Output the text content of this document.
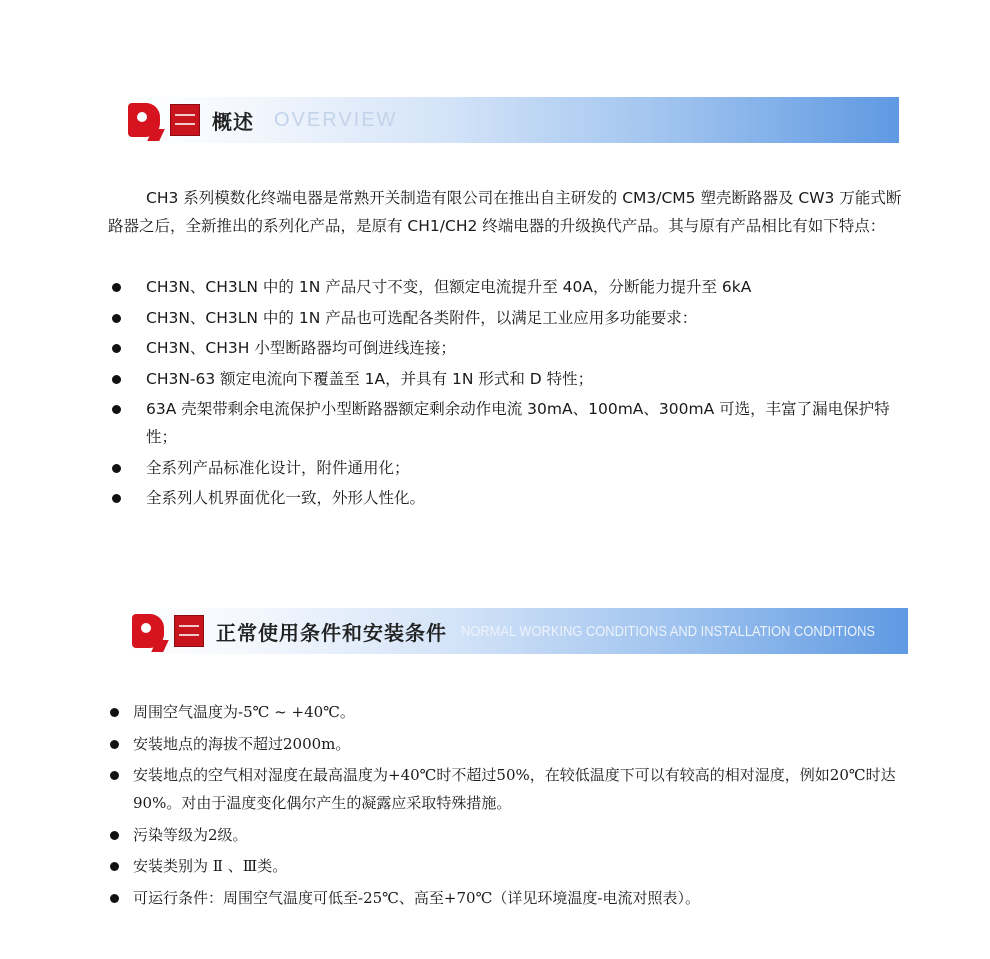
概述 OVERVIEW

CH3 系列模数化终端电器是常熟开关制造有限公司在推出自主研发的 CM3/CM5 塑壳断路器及 CW3 万能式断路器之后，全新推出的系列化产品，是原有 CH1/CH2 终端电器的升级换代产品。其与原有产品相比有如下特点：

CH3N、CH3LN 中的 1N 产品尺寸不变，但额定电流提升至 40A，分断能力提升至 6kA
CH3N、CH3LN 中的 1N 产品也可选配各类附件，以满足工业应用多功能要求：
CH3N、CH3H 小型断路器均可倒进线连接；
CH3N-63 额定电流向下覆盖至 1A，并具有 1N 形式和 D 特性；
63A 壳架带剩余电流保护小型断路器额定剩余动作电流 30mA、100mA、300mA 可选，丰富了漏电保护特性；
全系列产品标准化设计，附件通用化；
全系列人机界面优化一致，外形人性化。
正常使用条件和安装条件 NORMAL WORKING CONDITIONS AND INSTALLATION CONDITIONS
周围空气温度为-5℃ ~ +40℃。
安装地点的海拔不超过2000m。
安装地点的空气相对湿度在最高温度为+40℃时不超过50%，在较低温度下可以有较高的相对湿度，例如20℃时达90%。对由于温度变化偶尔产生的凝露应采取特殊措施。
污染等级为2级。
安装类别为 Ⅱ 、Ⅲ类。
可运行条件：周围空气温度可低至-25℃、高至+70℃（详见环境温度-电流对照表）。
